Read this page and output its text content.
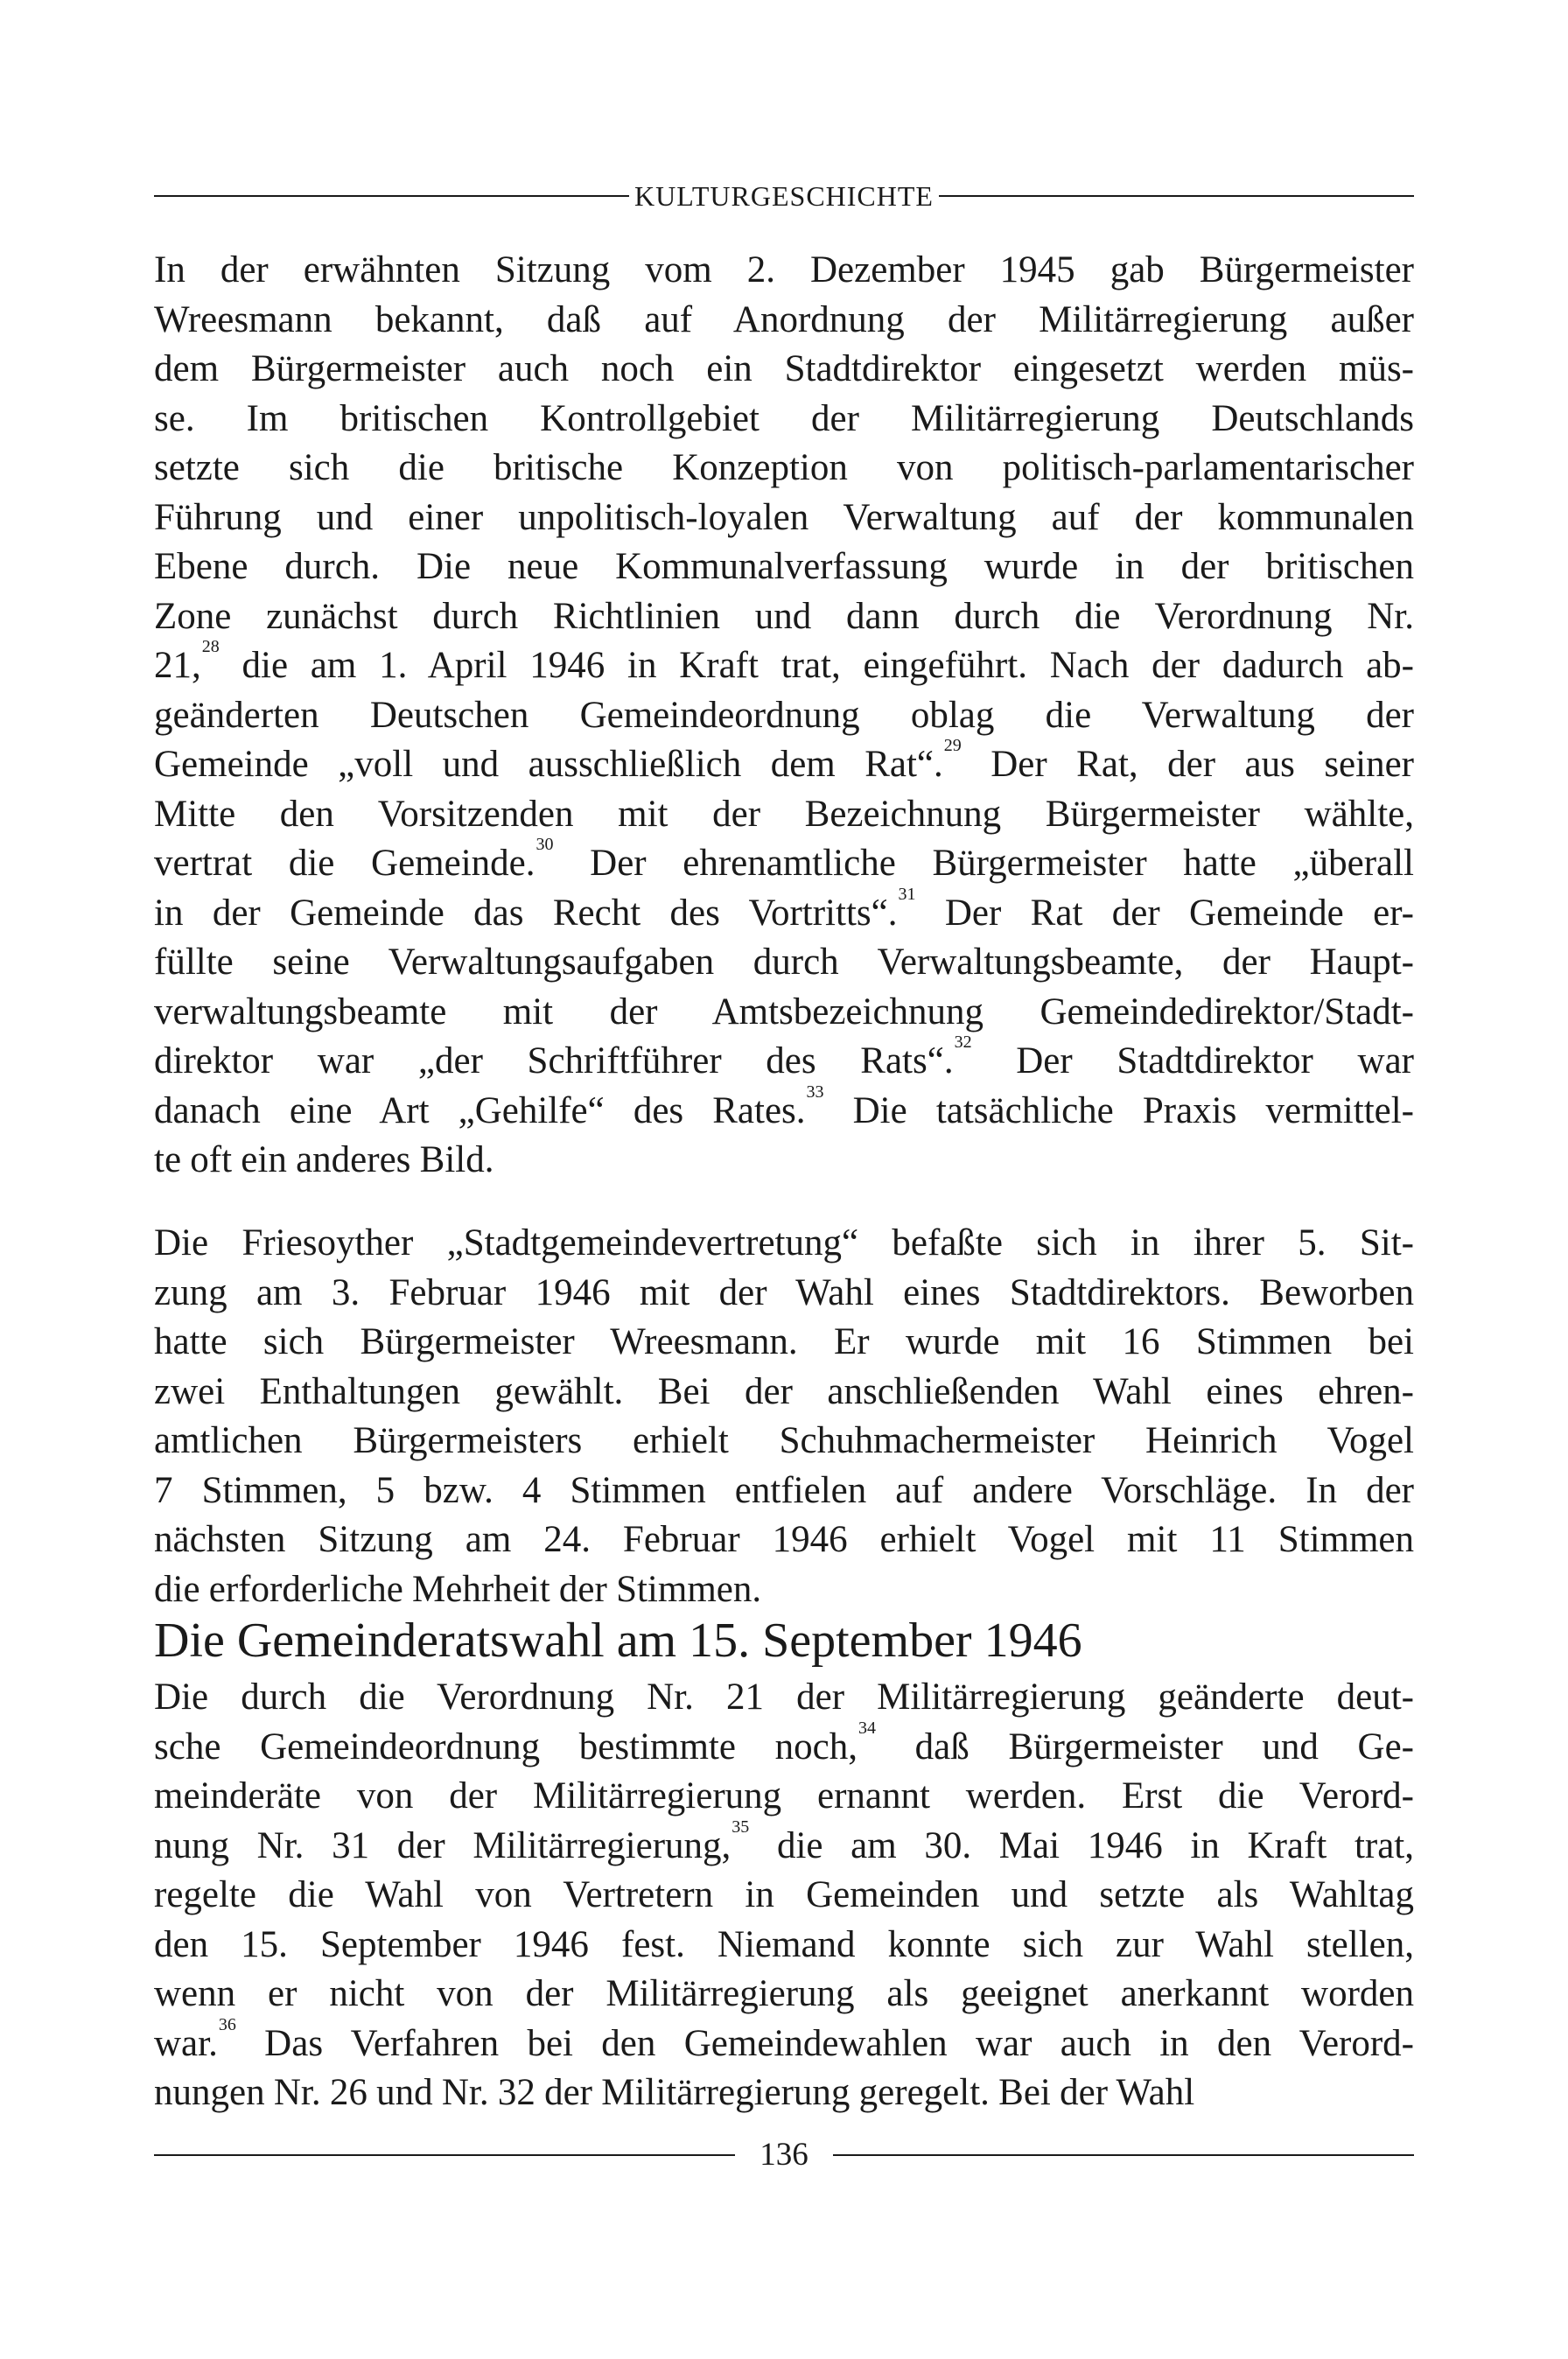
KULTURGESCHICHTE

In der erwähnten Sitzung vom 2. Dezember 1945 gab Bürgermeister
Wreesmann bekannt, daß auf Anordnung der Militärregierung außer
dem Bürgermeister auch noch ein Stadtdirektor eingesetzt werden müs-
se. Im britischen Kontrollgebiet der Militärregierung Deutschlands
setzte sich die britische Konzeption von politisch-parlamentarischer
Führung und einer unpolitisch-loyalen Verwaltung auf der kommunalen
Ebene durch. Die neue Kommunalverfassung wurde in der britischen
Zone zunächst durch Richtlinien und dann durch die Verordnung Nr.
21,28 die am 1. April 1946 in Kraft trat, eingeführt. Nach der dadurch ab-
geänderten Deutschen Gemeindeordnung oblag die Verwaltung der
Gemeinde „voll und ausschließlich dem Rat“.$^{29}$ Der Rat, der aus seiner
Mitte den Vorsitzenden mit der Bezeichnung Bürgermeister wählte,
vertrat die Gemeinde.$^{30}$ Der ehrenamtliche Bürgermeister hatte „überall
in der Gemeinde das Recht des Vortritts“.$^{31}$ Der Rat der Gemeinde er-
füllte seine Verwaltungsaufgaben durch Verwaltungsbeamte, der Haupt-
verwaltungsbeamte mit der Amtsbezeichnung Gemeindedirektor/Stadt-
direktor war „der Schriftführer des Rats“.$^{32}$ Der Stadtdirektor war
danach eine Art „Gehilfe“ des Rates.$^{33}$ Die tatsächliche Praxis vermittel-
te oft ein anderes Bild.

Die Friesoyther „Stadtgemeindevertretung“ befaßte sich in ihrer 5. Sit-
zung am 3. Februar 1946 mit der Wahl eines Stadtdirektors. Beworben
hatte sich Bürgermeister Wreesmann. Er wurde mit 16 Stimmen bei
zwei Enthaltungen gewählt. Bei der anschließenden Wahl eines ehren-
amtlichen Bürgermeisters erhielt Schuhmachermeister Heinrich Vogel
7 Stimmen, 5 bzw. 4 Stimmen entfielen auf andere Vorschläge. In der
nächsten Sitzung am 24. Februar 1946 erhielt Vogel mit 11 Stimmen
die erforderliche Mehrheit der Stimmen.

Die Gemeinderatswahl am 15. September 1946

Die durch die Verordnung Nr. 21 der Militärregierung geänderte deut-
sche Gemeindeordnung bestimmte noch,$^{34}$ daß Bürgermeister und Ge-
meinderäte von der Militärregierung ernannt werden. Erst die Verord-
nung Nr. 31 der Militärregierung,$^{35}$ die am 30. Mai 1946 in Kraft trat,
regelte die Wahl von Vertretern in Gemeinden und setzte als Wahltag
den 15. September 1946 fest. Niemand konnte sich zur Wahl stellen,
wenn er nicht von der Militärregierung als geeignet anerkannt worden
war.$^{36}$ Das Verfahren bei den Gemeindewahlen war auch in den Verord-
nungen Nr. 26 und Nr. 32 der Militärregierung geregelt. Bei der Wahl

136
